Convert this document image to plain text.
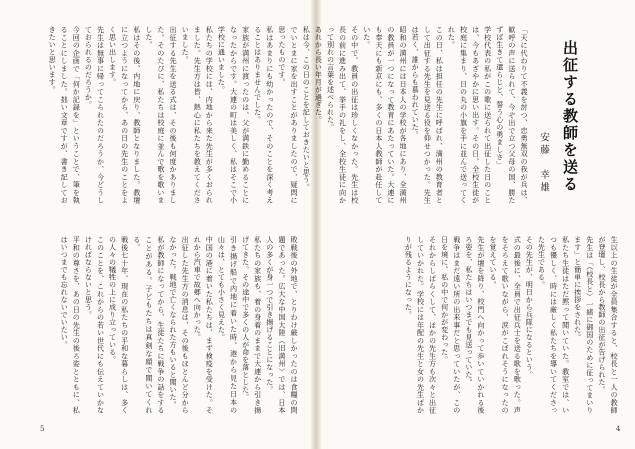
出征する教師を送る
安藤　幸雄
「天に代わりて不義を討つ、忠勇無双の我が兵は、歓呼の声に送られて、今ぞ出で立つ父母の国、勝たずば生きて還らじと、誓う心の勇ましさ」
学校代表の私がこの歌に送られて出征した日のことは、今もあざやかに思い出す。その日、全校生徒が校庭に集まり、日の丸の小旗を手に並んで送ってくれた。
この日、私は担任の先生に呼ばれ、満州の教育者として出征する先生を見送る役を仰せつかった。先生は若く、誰からも慕われていた。
昭和の満州には日本人の学校が各地にあり、全満州の教員が一つになって教育にあたっていた。大連にも奉天にも新京にも、多くの日本人教師が赴任していた。
その中で、教員の出征は珍しくなかった。先生は校長の前に進み出て、挙手の礼をし、全校生徒に向かって別れの言葉を述べられた。
あれから長い年月が過ぎた。
私は今、この日のことを記しておきたいと思う。
生以上の生徒が全員集合すると、校長と一人の教師が登壇し、校長から教師の出征が告げられた。
先生は「（校長と）一緒に御国のために征ってまいります」と簡単に挨拶をされた。
私たち生徒はただ黙って聞いていた。教室では、いつも優しく、時には厳しく私たちを導いてくださった先生である。
その先生が、明日から兵隊になるという。
式の最後に、全員で出征兵士を送る歌を歌った。声をそろえて歌いながら、涙がこぼれそうになったのを覚えている。
先生が壇を降り、校門へ向かって歩いていかれる後ろ姿を、私たちはいつまでも見送っていた。
戦争はまだ遠い所の出来事だと思っていたが、この日を境に、私の中で何かが変わった。
それからしばらくして、ほかの先生方も次々と出征していかれた。学校には年配の先生と女の先生ばかりが残るようになった。
4
でいとまに家を出すことがありましたので、疑問に思ったものです。
私はあまりにも幼かったので、そのことを深く考えることはありませんでした。
家族が満州に渡ったのは、父が満鉄に勤めることになったからです。大連の町は美しく、私はそこで小学校に通いました。
私たちの学校には、内地から来た先生が多くおられました。先生方は皆、熱心に私たちを教えてくださいました。
出征する先生を送る式は、その後も何度かありました。そのたびに、私たちは校庭に並んで歌を歌いました。
私はその後、内地に戻り、教師となりました。教壇に立つようになってから、あの日の先生のことをよく思い出します。
先生は無事に帰ってこられたのだろうか、今どうしておられるのだろうか。
今回の企画で「何か記録を」ということで、筆を執ることにしました。拙い文章ですが、書き記しておきたいと思います。
敗戦後の外地で、とりわけ厳しかったのは食糧の問題であった。広大な中国大陸（旧満州）では、日本人の多くが身一つで引き揚げることになった。
私たちの家族も、着の身着のままで大連から引き揚げてきた。その途中で多くの人が命を落とした。
引き揚げ船で内地に着いた時、港から見た日本の山々は、とても小さく見えた。
中国の港に着いた私たちは、まず検疫を受けた。それから汽車で故郷へ向かった。
出征した先生方の消息は、その後もほとんど分からなかった。戦地で亡くなられた方もいると聞いた。
私が教師になってから、生徒たちに戦争の話をすることがある。子どもたちは真剣な顔で聞いてくれる。
戦後七十年、現在の私たちの平和な暮らしは、多くの人々の犠牲の上に成り立っている。
このことを、これからの若い世代にも伝えていかなければならないと思う。
平和の尊さを、あの日の先生の後ろ姿とともに、私はいつまでも忘れないでいたい。
5
